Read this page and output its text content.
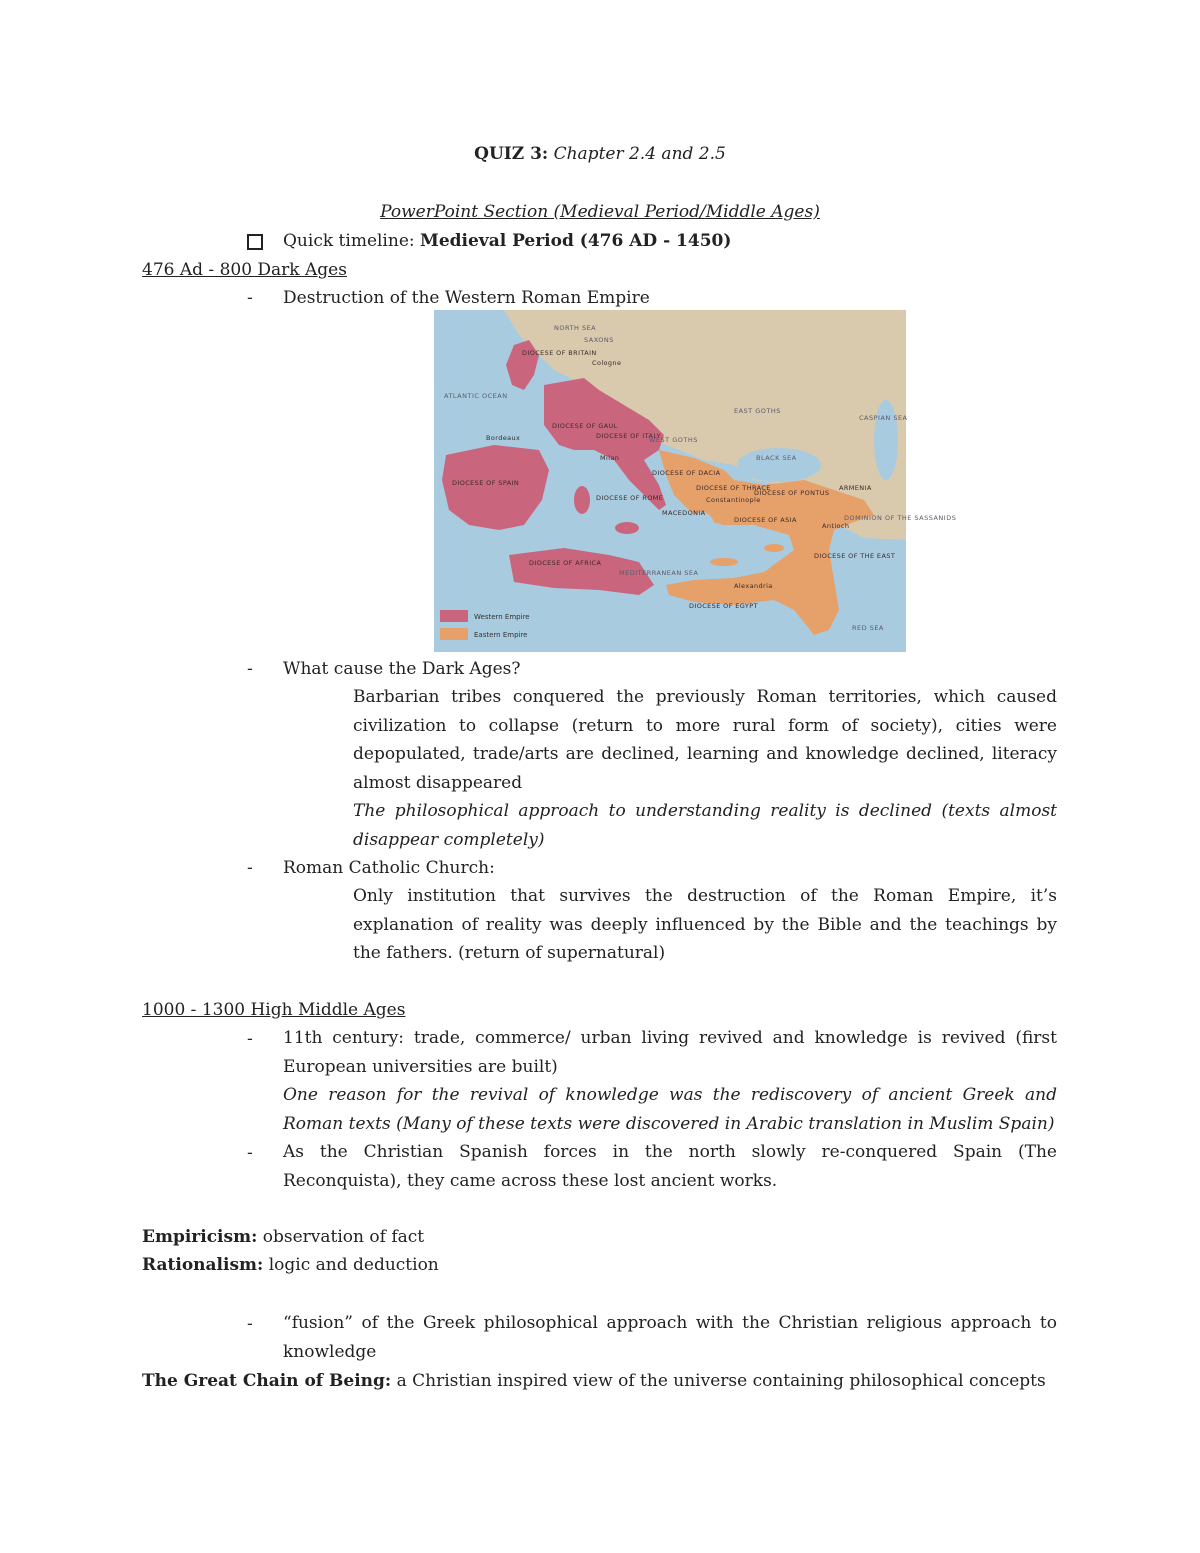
QUIZ 3: Chapter 2.4 and 2.5
PowerPoint Section (Medieval Period/Middle Ages)
Quick timeline: Medieval Period (476 AD - 1450)
476 Ad - 800 Dark Ages
-	Destruction of the Western Roman Empire
NORTH SEA
ATLANTIC OCEAN
DIOCESE OF BRITAIN
DIOCESE OF GAUL
DIOCESE OF SPAIN
DIOCESE OF ITALY
DIOCESE OF ROME
DIOCESE OF AFRICA
DIOCESE OF DACIA
DIOCESE OF THRACE
DIOCESE OF PONTUS
DIOCESE OF ASIA
DIOCESE OF THE EAST
DIOCESE OF EGYPT
WEST GOTHS
EAST GOTHS
BLACK SEA
CASPIAN SEA
ARMENIA
MEDITERRANEAN SEA
DOMINION OF THE SASSANIDS
SAXONS
MACEDONIA
RED SEA
Cologne
Bordeaux
Milan
Constantinople
Antioch
Alexandria
Western Empire
Eastern Empire
-	What cause the Dark Ages?
Barbarian tribes conquered the previously Roman territories, which caused civilization to collapse (return to more rural form of society), cities were depopulated, trade/arts are declined, learning and knowledge declined, literacy almost disappeared
The philosophical approach to understanding reality is declined (texts almost disappear completely)
-	Roman Catholic Church:
Only institution that survives the destruction of the Roman Empire, it’s explanation of reality was deeply influenced by the Bible and the teachings by the fathers. (return of supernatural)
1000 - 1300 High Middle Ages
-	11th century: trade, commerce/ urban living revived and knowledge is revived (first European universities are built)
One reason for the revival of knowledge was the rediscovery of ancient Greek and Roman texts (Many of these texts were discovered in Arabic translation in Muslim Spain)
-	As the Christian Spanish forces in the north slowly re-conquered Spain (The Reconquista), they came across these lost ancient works.
Empiricism: observation of fact
Rationalism: logic and deduction
-	“fusion” of the Greek philosophical approach with the Christian religious approach to knowledge
The Great Chain of Being: a Christian inspired view of the universe containing philosophical concepts
